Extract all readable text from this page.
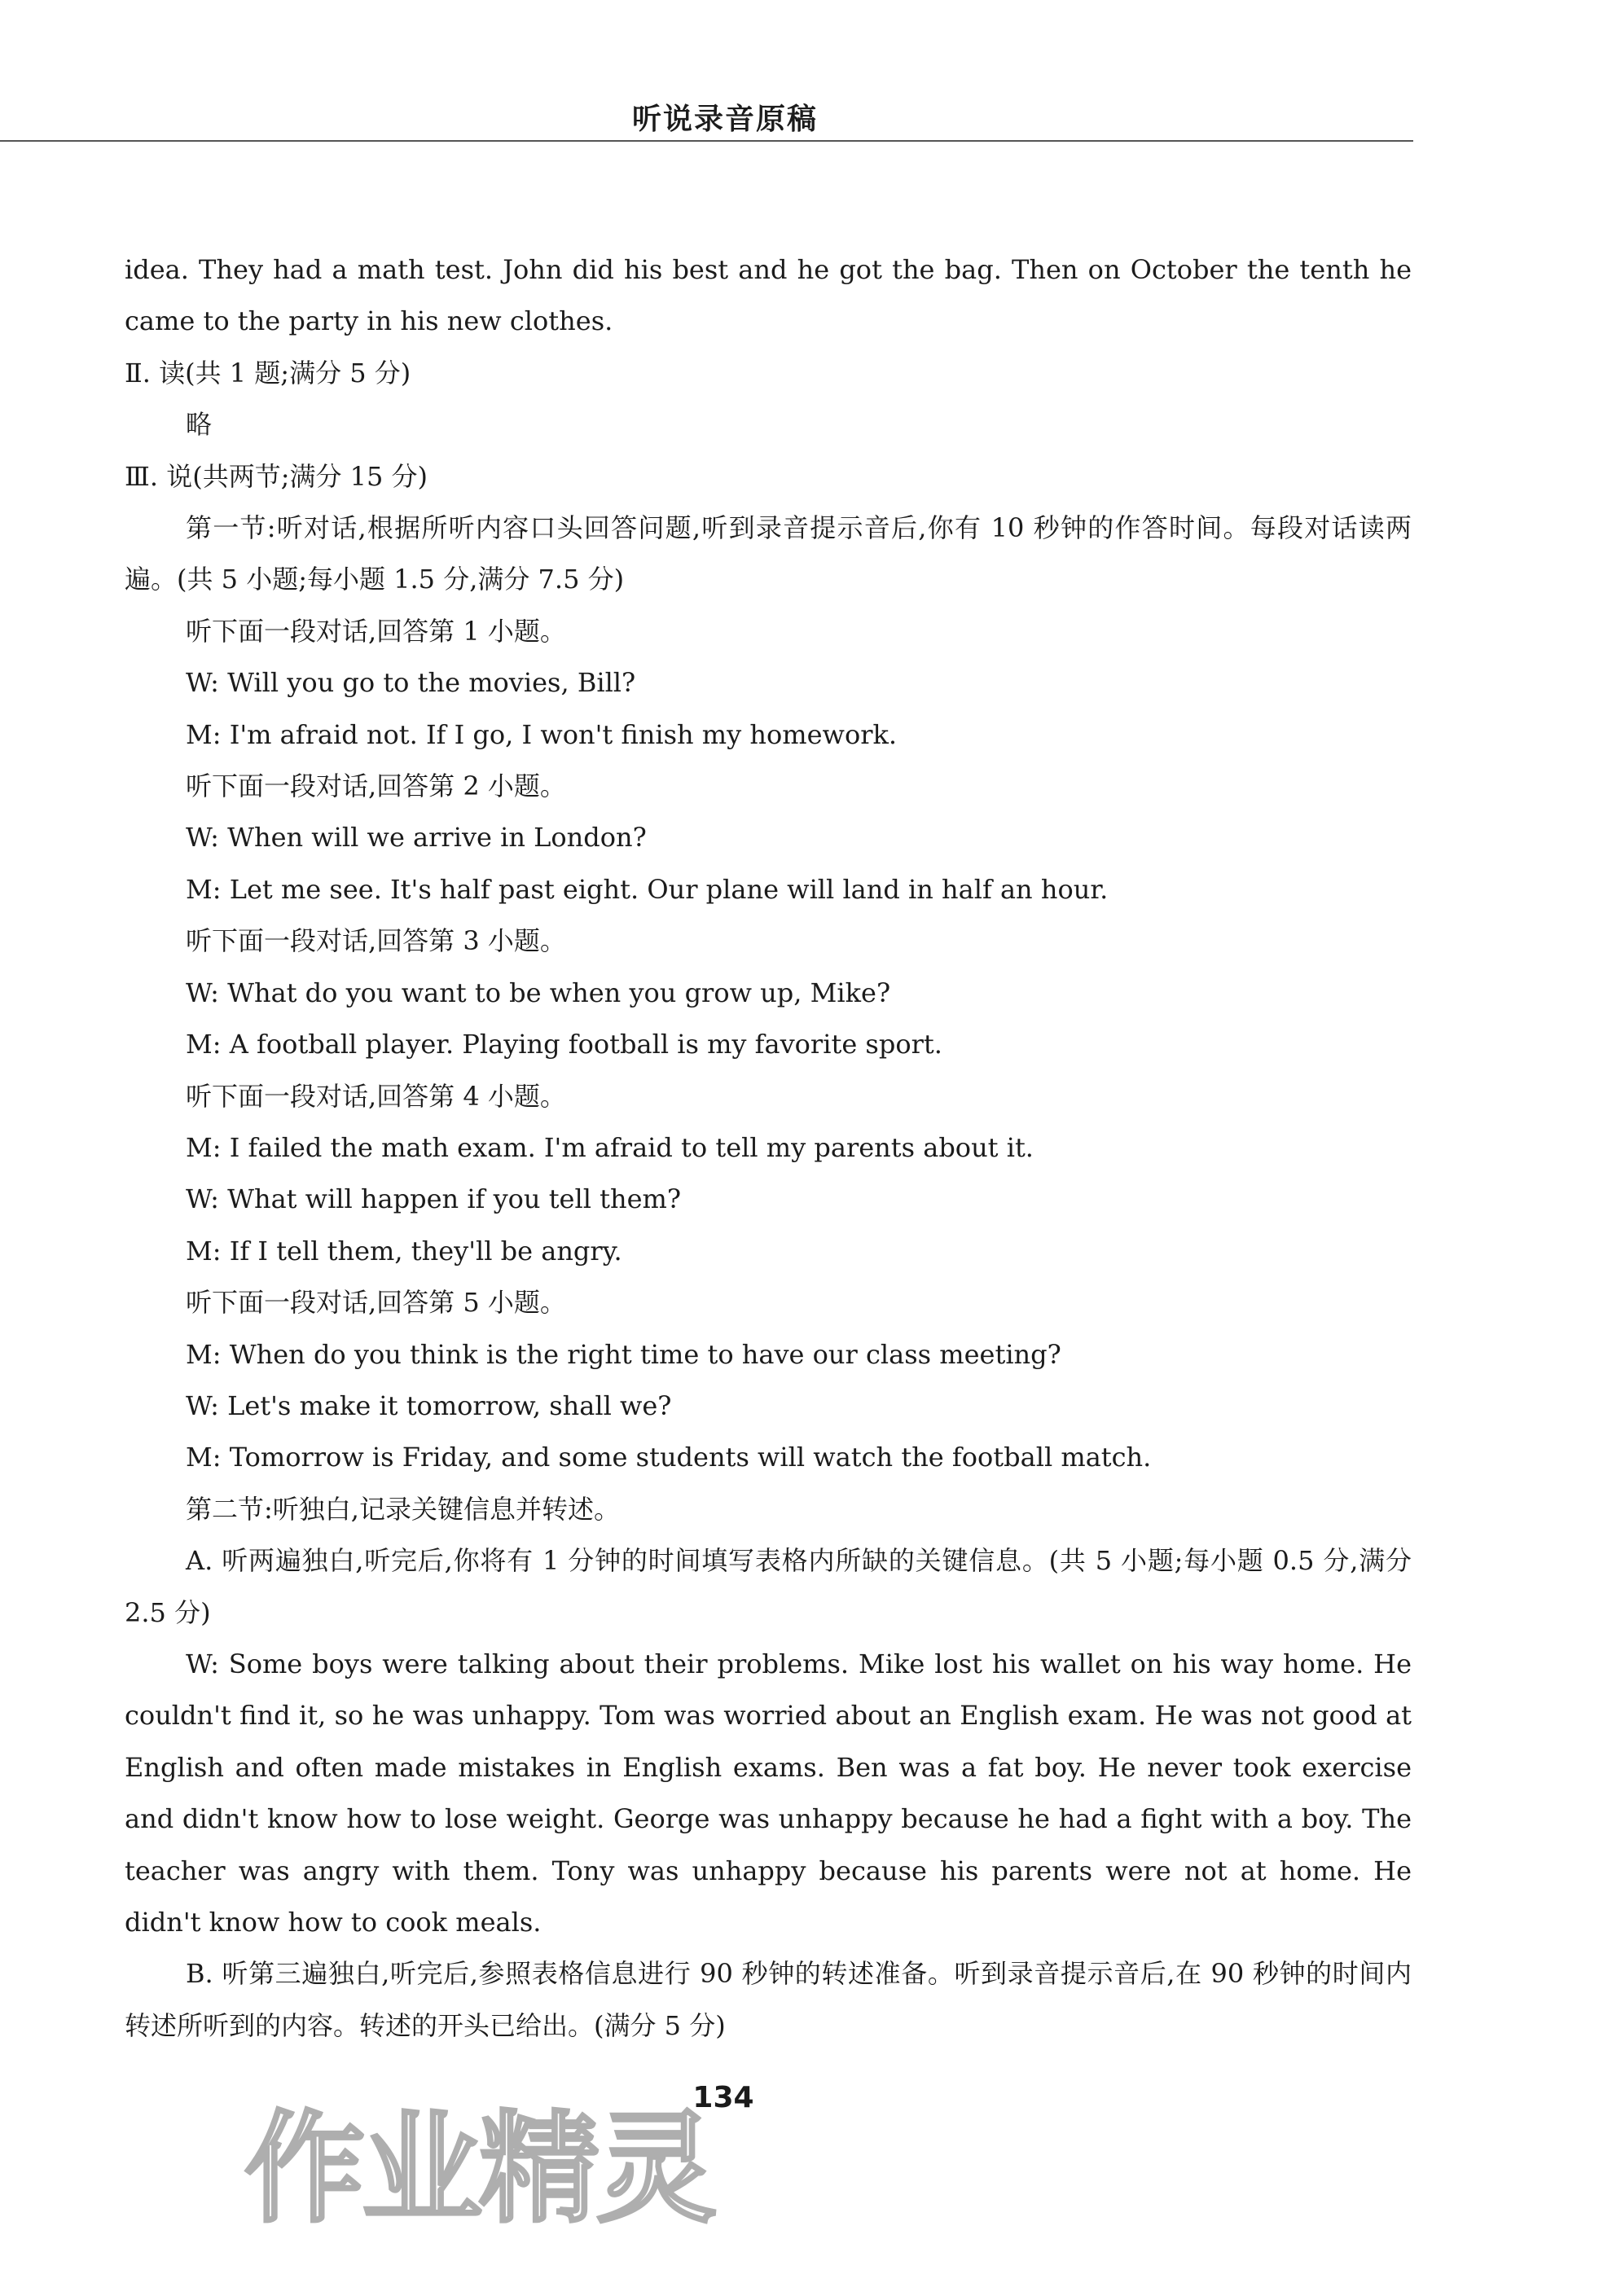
听说录音原稿

idea. They had a math test. John did his best and he got the bag. Then on October the tenth he came to the party in his new clothes.

Ⅱ. 读(共 1 题;满分 5 分)

略

Ⅲ. 说(共两节;满分 15 分)

第一节:听对话,根据所听内容口头回答问题,听到录音提示音后,你有 10 秒钟的作答时间。每段对话读两遍。(共 5 小题;每小题 1.5 分,满分 7.5 分)

听下面一段对话,回答第 1 小题。

W: Will you go to the movies, Bill?

M: I'm afraid not. If I go, I won't finish my homework.

听下面一段对话,回答第 2 小题。

W: When will we arrive in London?

M: Let me see. It's half past eight. Our plane will land in half an hour.

听下面一段对话,回答第 3 小题。

W: What do you want to be when you grow up, Mike?

M: A football player. Playing football is my favorite sport.

听下面一段对话,回答第 4 小题。

M: I failed the math exam. I'm afraid to tell my parents about it.

W: What will happen if you tell them?

M: If I tell them, they'll be angry.

听下面一段对话,回答第 5 小题。

M: When do you think is the right time to have our class meeting?

W: Let's make it tomorrow, shall we?

M: Tomorrow is Friday, and some students will watch the football match.

第二节:听独白,记录关键信息并转述。

A. 听两遍独白,听完后,你将有 1 分钟的时间填写表格内所缺的关键信息。(共 5 小题;每小题 0.5 分,满分 2.5 分)

W: Some boys were talking about their problems. Mike lost his wallet on his way home. He couldn't find it, so he was unhappy. Tom was worried about an English exam. He was not good at English and often made mistakes in English exams. Ben was a fat boy. He never took exercise and didn't know how to lose weight. George was unhappy because he had a fight with a boy. The teacher was angry with them. Tony was unhappy because his parents were not at home. He didn't know how to cook meals.

B. 听第三遍独白,听完后,参照表格信息进行 90 秒钟的转述准备。听到录音提示音后,在 90 秒钟的时间内转述所听到的内容。转述的开头已给出。(满分 5 分)

作业精灵
134
